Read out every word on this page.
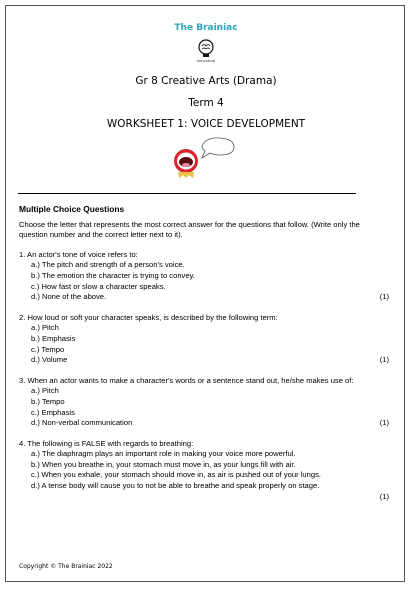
The Brainiac
EDUCATION
Gr 8 Creative Arts (Drama)
Term 4
WORKSHEET 1: VOICE DEVELOPMENT
Multiple Choice Questions
Choose the letter that represents the most correct answer for the questions that follow. (Write only the question number and the correct letter next to it).
1. An actor's tone of voice refers to:
a.) The pitch and strength of a person's voice.
b.) The emotion the character is trying to convey.
c.) How fast or slow a character speaks.
d.) None of the above.	(1)
2. How loud or soft your character speaks, is described by the following term:
a.) Pitch
b.) Emphasis
c.) Tempo
d.) Volume	(1)
3. When an actor wants to make a character's words or a sentence stand out, he/she makes use of:
a.) Pitch
b.) Tempo
c.) Emphasis
d.) Non-verbal communication	(1)
4. The following is FALSE with regards to breathing:
a.) The diaphragm plays an important role in making your voice more powerful.
b.) When you breathe in, your stomach must move in, as your lungs fill with air.
c.) When you exhale, your stomach should move in, as air is pushed out of your lungs.
d.) A tense body will cause you to not be able to breathe and speak properly on stage.
(1)
Copyright © The Brainiac 2022
